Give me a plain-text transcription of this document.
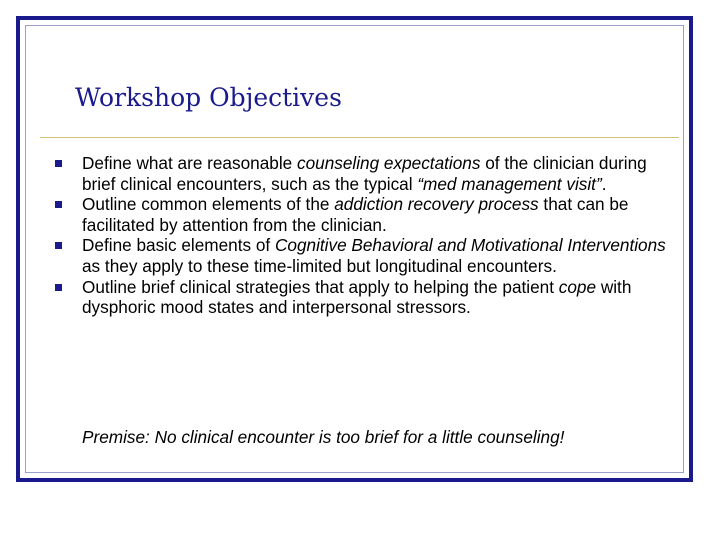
Workshop Objectives
Define what are reasonable counseling expectations of the clinician during brief clinical encounters, such as the typical “med management visit”.
Outline common elements of the addiction recovery process that can be facilitated by attention from the clinician.
Define basic elements of Cognitive Behavioral and Motivational Interventions as they apply to these time-limited but longitudinal encounters.
Outline brief clinical strategies that apply to helping the patient cope with dysphoric mood states and interpersonal stressors.
Premise: No clinical encounter is too brief for a little counseling!
